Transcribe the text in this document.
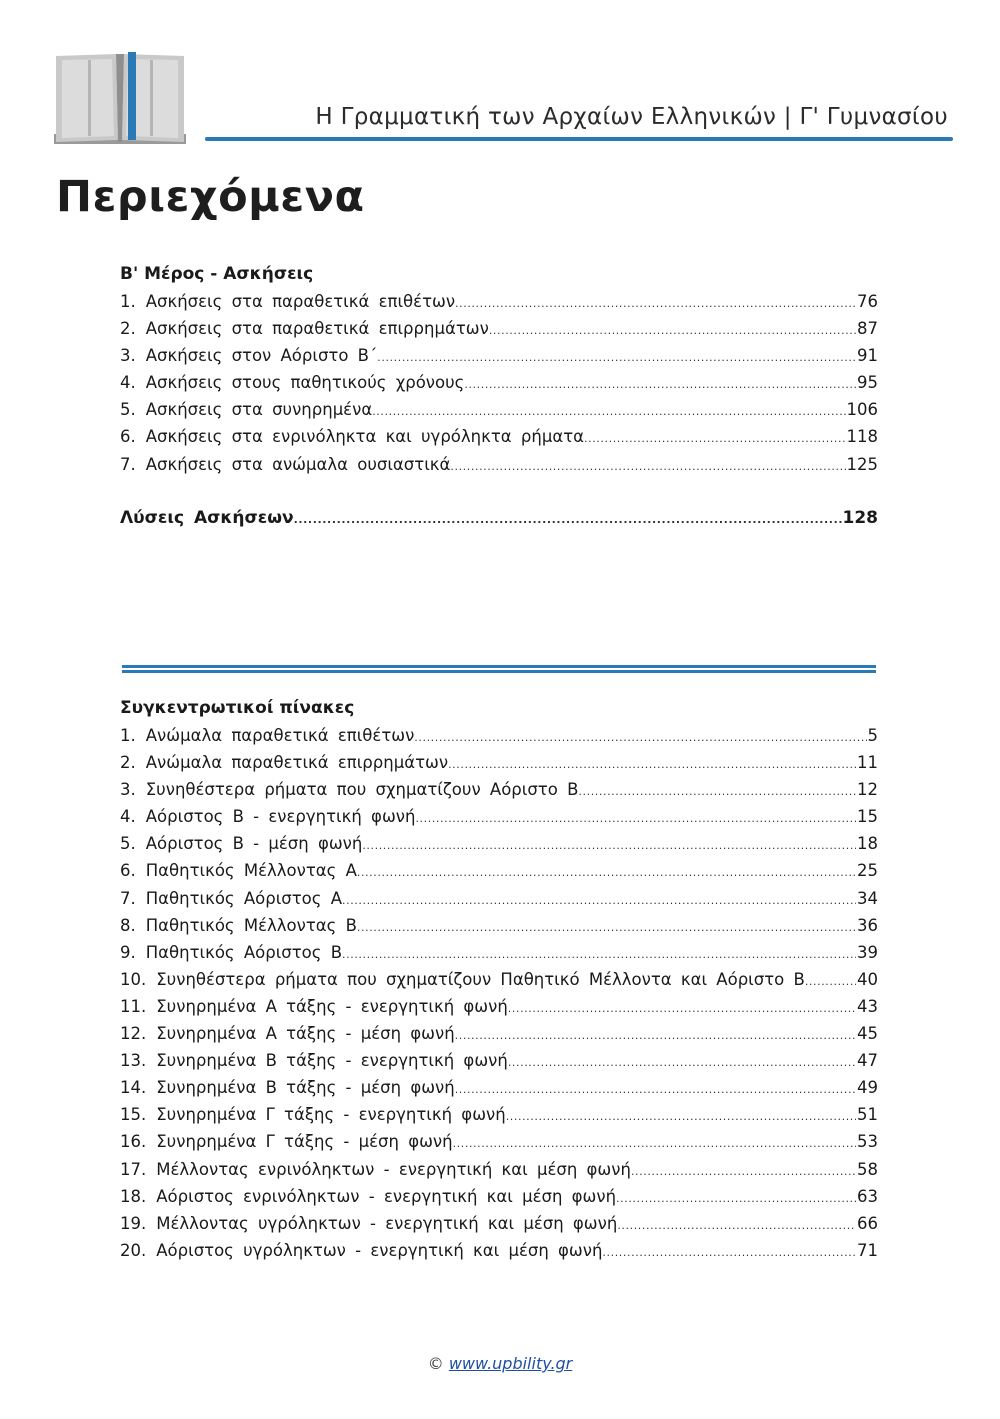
Η Γραμματική των Αρχαίων Ελληνικών | Γ' Γυμνασίου
Περιεχόμενα
Β' Μέρος - Ασκήσεις
1. Ασκήσεις στα παραθετικά επιθέτων .....	76
2. Ασκήσεις στα παραθετικά επιρρημάτων .....	87
3. Ασκήσεις στον Αόριστο Β΄ .....	91
4. Ασκήσεις στους παθητικούς χρόνους .....	95
5. Ασκήσεις στα συνηρημένα .....	106
6. Ασκήσεις στα ενρινόληκτα και υγρόληκτα ρήματα .....	118
7. Ασκήσεις στα ανώμαλα ουσιαστικά .....	125
Λύσεις Ασκήσεων .....	128
Συγκεντρωτικοί πίνακες
1. Ανώμαλα παραθετικά επιθέτων .....	5
2. Ανώμαλα παραθετικά επιρρημάτων .....	11
3. Συνηθέστερα ρήματα που σχηματίζουν Αόριστο Β .....	12
4. Αόριστος Β - ενεργητική φωνή .....	15
5. Αόριστος Β - μέση φωνή .....	18
6. Παθητικός Μέλλοντας Α .....	25
7. Παθητικός Αόριστος Α .....	34
8. Παθητικός Μέλλοντας Β .....	36
9. Παθητικός Αόριστος Β .....	39
10. Συνηθέστερα ρήματα που σχηματίζουν Παθητικό Μέλλοντα και Αόριστο Β .....	40
11. Συνηρημένα Α τάξης - ενεργητική φωνή .....	43
12. Συνηρημένα Α τάξης - μέση φωνή .....	45
13. Συνηρημένα Β τάξης - ενεργητική φωνή .....	47
14. Συνηρημένα Β τάξης - μέση φωνή .....	49
15. Συνηρημένα Γ τάξης - ενεργητική φωνή .....	51
16. Συνηρημένα Γ τάξης - μέση φωνή .....	53
17. Μέλλοντας ενρινόληκτων - ενεργητική και μέση φωνή .....	58
18. Αόριστος ενρινόληκτων - ενεργητική και μέση φωνή .....	63
19. Μέλλοντας υγρόληκτων - ενεργητική και μέση φωνή .....	66
20. Αόριστος υγρόληκτων - ενεργητική και μέση φωνή .....	71
© www.upbility.gr
